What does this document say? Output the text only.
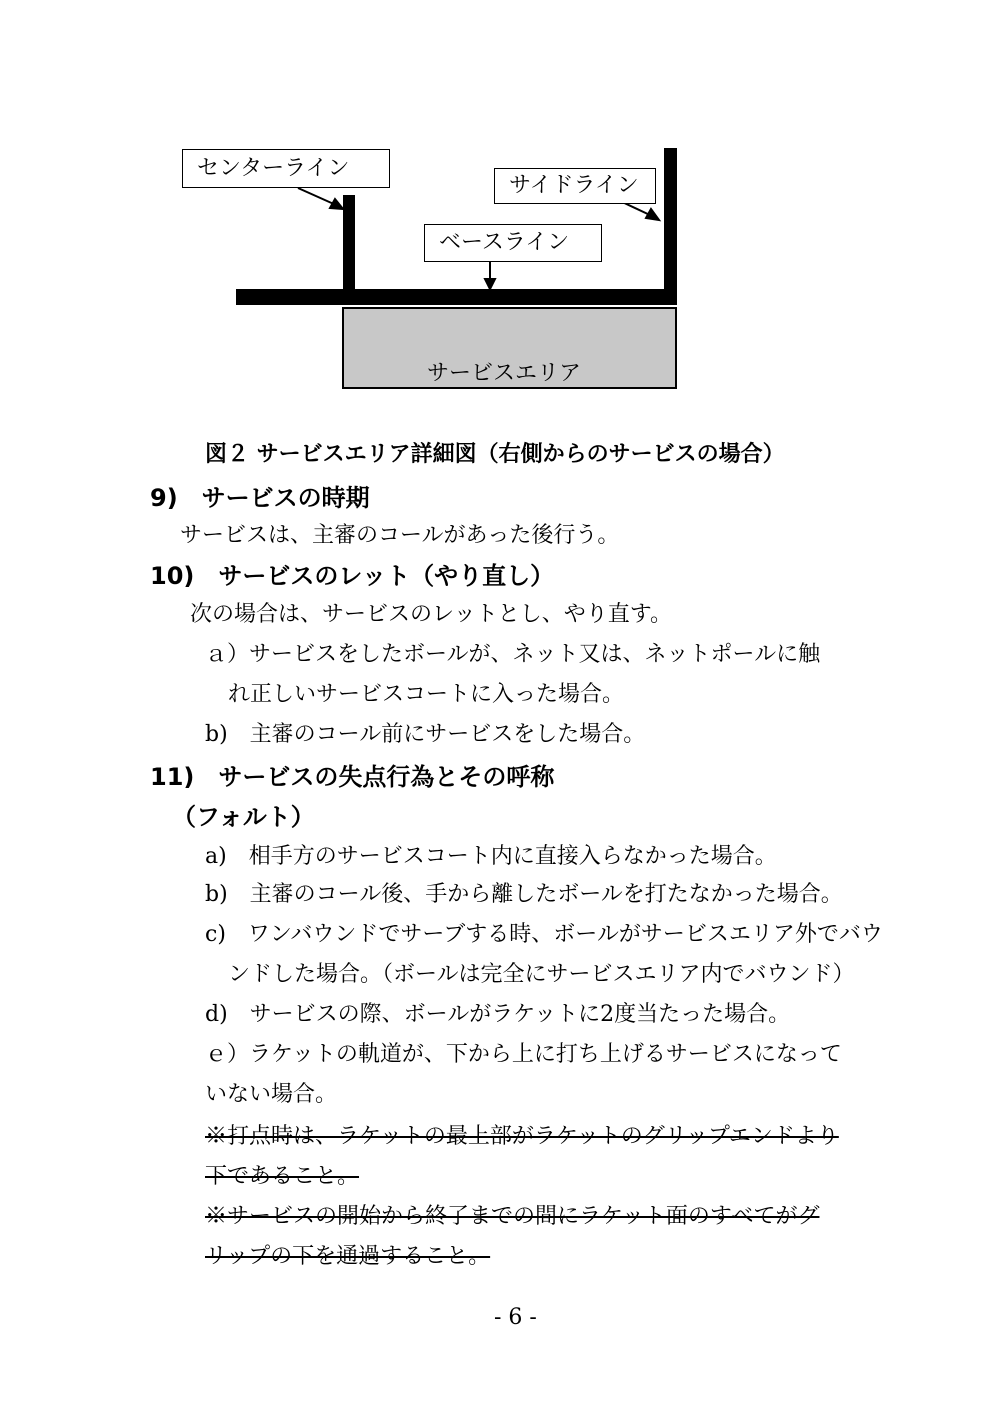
センターライン
サイドライン
ベースライン
サービスエリア
図２ サービスエリア詳細図（右側からのサービスの場合）
9)　サービスの時期
サービスは、主審のコールがあった後行う。
10)　サービスのレット（やり直し）
次の場合は、サービスのレットとし、やり直す。
ａ）サービスをしたボールが、ネット又は、ネットポールに触
れ正しいサービスコートに入った場合。
b)　主審のコール前にサービスをした場合。
11)　サービスの失点行為とその呼称
（フォルト）
a)　相手方のサービスコート内に直接入らなかった場合。
b)　主審のコール後、手から離したボールを打たなかった場合。
c)　ワンバウンドでサーブする時、ボールがサービスエリア外でバウ
ンドした場合。（ボールは完全にサービスエリア内でバウンド）
d)　サービスの際、ボールがラケットに2度当たった場合。
ｅ）ラケットの軌道が、下から上に打ち上げるサービスになって
いない場合。
※打点時は、ラケットの最上部がラケットのグリップエンドより
下であること。
※サービスの開始から終了までの間にラケット面のすべてがグ
リップの下を通過すること。
- 6 -
